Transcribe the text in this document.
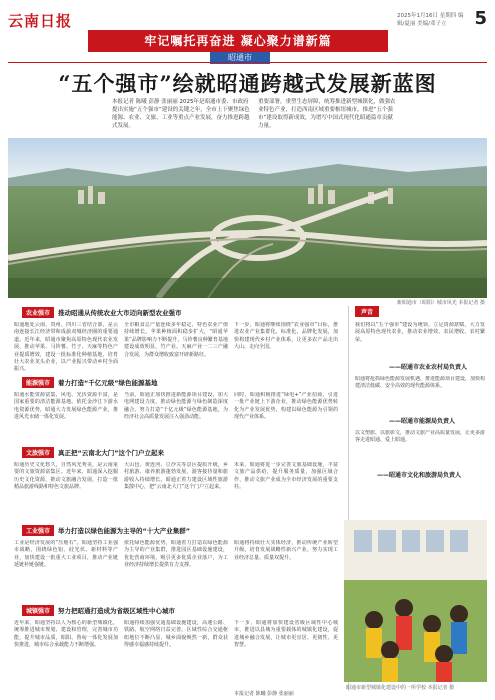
云南日报
牢记嘱托再奋进 凝心聚力谱新篇
昭通市
2025年1月16日 星期四 编辑/夏丽 美编/邓子立	5
“五个强市”绘就昭通跨越式发展新蓝图
本报记者 陈曦 彭静 张丽丽 2025年是昭通市委、市政府提出实施“五个强市”建设的关键之年，全市上下聚焦绿色能源、农业、文旅、工业等重点产业发展，奋力推进跨越式发展。
重要部署，重塑生态屏障，统筹推进新型城镇化，做强农业特色产业，打造西南区域重要枢纽城市，推进“五个强市”建设取得新成效，为谱写中国式现代化昭通篇章贡献力量。
新昭通市（昭阳）城市风光 本报记者 摄
农业强市	推动昭通从传统农业大市迈向新型农业强市
昭通地处云南、贵州、四川三省结合部，是云南连接长江经济带和成渝双城经济圈的重要通道。近年来，昭通市聚焦高原特色现代农业发展，推动苹果、马铃薯、竹子、天麻等特色产业提质增效，建设一批标准化种植基地，培育壮大农业龙头企业，以产业振兴带动乡村全面振兴。
全市粮食总产量连续多年稳定，特色农业产值持续增长。苹果种植面积稳步扩大，“昭通苹果”品牌影响力不断提升，马铃薯良种繁育基地建设成效明显，竹产业、天麻产业一二三产融合发展，为群众增收致富开辟新路径。
下一步，昭通将继续围绕“农业强市”目标，推进农业产业集群化、标准化、品牌化发展，加快构建现代乡村产业体系，让更多农产品走出大山、走向全国。
能源强市	着力打造“千亿元级”绿色能源基地
昭通水能资源富集，风电、光伏资源丰富，是国家重要的清洁能源基地。依托金沙江下游水电资源优势，昭通大力发展绿色能源产业，推进风光水储一体化发展。
当前，昭通正加快推进新能源项目建设，加大电网建设力度，推动绿色能源与绿色制造深度融合，努力打造“千亿元级”绿色能源基地，为经济社会高质量发展注入强劲动能。
同时，昭通积极推进“绿电+”产业招商，引进一批产业链上下游企业，推动绿色能源优势转化为产业发展优势，构建以绿色能源为引领的现代产业体系。
文旅强市	真正把“云南北大门”这个门户立起来
昭通历史文化悠久，自然风光秀美，是云南重要的文旅资源富集区。近年来，昭通深入挖掘历史文化资源，推动文旅融合发展，打造一批精品旅游线路和特色文旅品牌。
大山包、黄连河、豆沙关等景区提质升级，乡村旅游、康养旅游蓬勃发展，游客接待量和旅游收入持续增长。昭通正着力建设区域性旅游集散中心，把“云南北大门”这个门户立起来。
未来，昭通将进一步完善文旅基础设施，丰富文旅产品供给，提升服务质量，加强区域合作，推动文旅产业成为全市经济发展的重要支柱。
工业强市	举力打造以绿色能源为主导的“十大产业集群”
工业是经济发展的“压舱石”。昭通坚持工业强市战略，围绕绿色铝、硅光伏、新材料等产业，加快建设一批重大工业项目，推动产业链延链补链强链。
依托绿色能源优势，昭通着力打造以绿色能源为主导的产业集群，推进园区基础设施建设，优化营商环境，吸引更多优质企业落户，为工业经济持续增长提供有力支撑。
昭通将持续壮大实体经济，推动传统产业转型升级，培育发展战略性新兴产业，努力实现工业经济总量、质量双提升。
城镇强市	努力把昭通打造成为省级区域性中心城市
近年来，昭通坚持以人为核心的新型城镇化，统筹推进城市规划、建设和管理，完善城市功能，提升城市品质，昭阳、鲁甸一体化发展加快推进，城市综合承载能力不断增强。
昭通持续加强交通基础设施建设，高速公路、铁路、航空网络日益完善，区域性综合交通枢纽地位不断凸显，城乡面貌焕然一新，群众获得感幸福感持续提升。
下一步，昭通将加快建设省级区域性中心城市，推进以县城为重要载体的城镇化建设，促进城乡融合发展，让城市更宜居、更韧性、更智慧。
本报记者 陈曦 彭静 张丽丽
声音
我们将以“五个强市”建设为统领，立足资源禀赋，大力发展高原特色现代农业，推动农业增效、农民增收、农村繁荣。
——昭通市农业农村局负责人
昭通将抢抓绿色能源发展机遇，推进能源项目建设，加快构建清洁低碳、安全高效的现代能源体系。
——昭通市能源局负责人
以文塑旅、以旅彰文，推动文旅产业高质量发展，让更多游客走进昭通、爱上昭通。
——昭通市文化和旅游局负责人
昭通市新型城镇化建设中的一所学校 本报记者 摄
